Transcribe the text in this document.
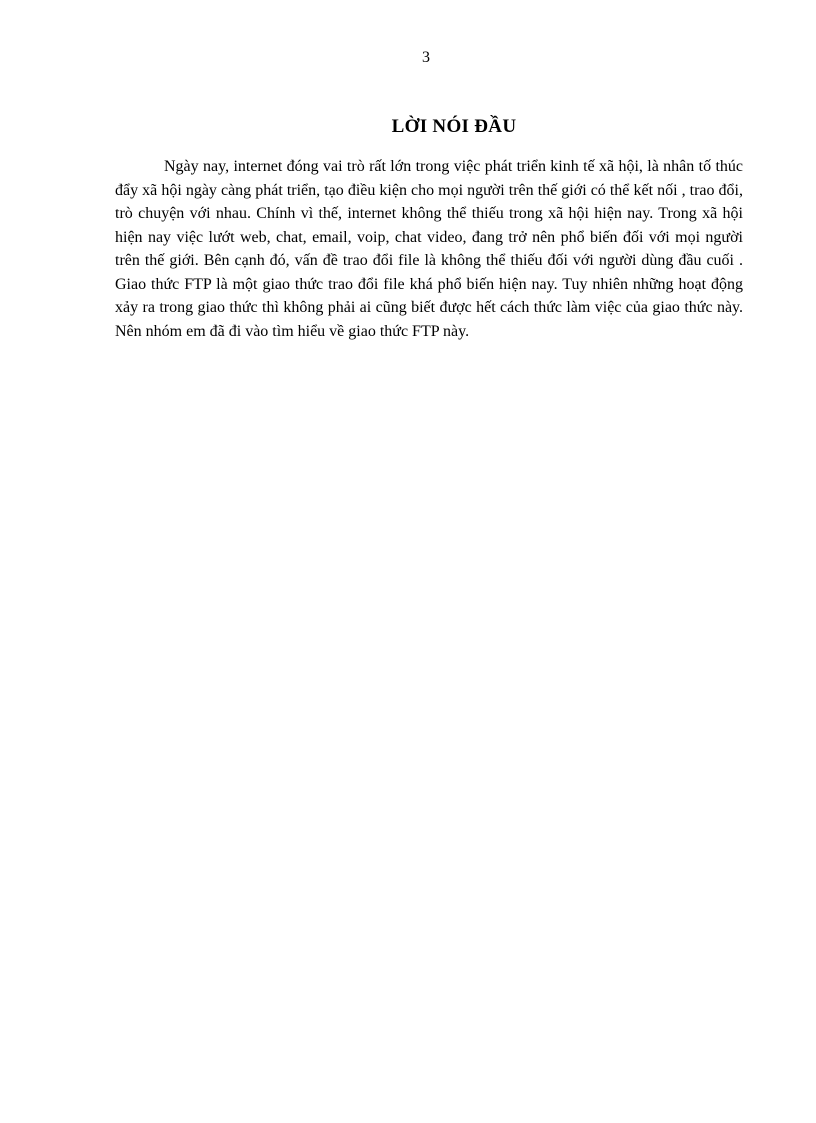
3
LỜI NÓI ĐẦU

Ngày nay, internet đóng vai trò rất lớn trong việc phát triển kinh tế xã hội, là nhân tố thúc đẩy xã hội ngày càng phát triển, tạo điều kiện cho mọi người trên thế giới có thể kết nối , trao đổi, trò chuyện với nhau. Chính vì thế, internet không thể thiếu trong xã hội hiện nay. Trong xã hội hiện nay việc lướt web, chat, email, voip, chat video, đang trở nên phổ biến đối với mọi người trên thế giới. Bên cạnh đó, vấn đề trao đổi file là không thể thiếu đối với người dùng đầu cuối . Giao thức FTP là một giao thức trao đổi file khá phổ biến hiện nay. Tuy nhiên những hoạt động xảy ra trong giao thức thì không phải ai cũng biết được hết cách thức làm việc của giao thức này. Nên nhóm em đã đi vào tìm hiểu về giao thức FTP này.
